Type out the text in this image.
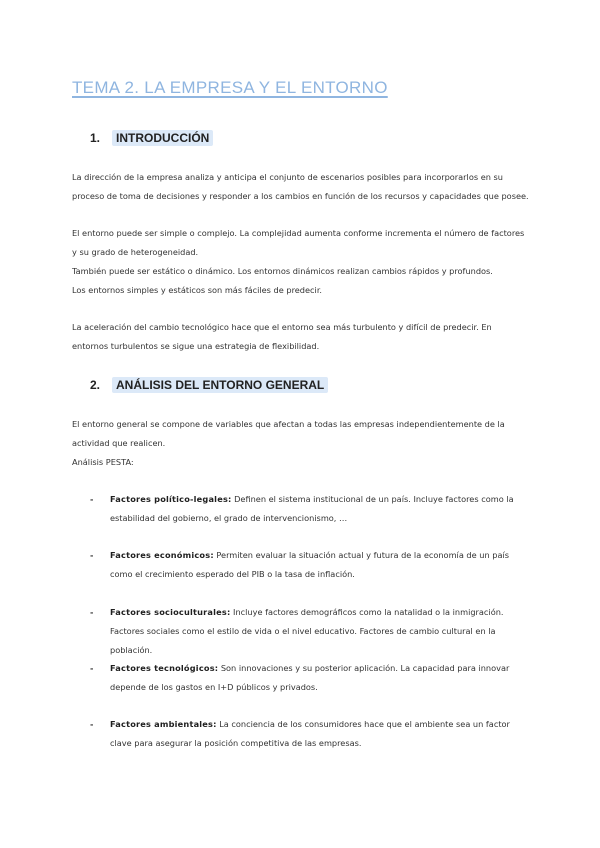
TEMA 2. LA EMPRESA Y EL ENTORNO
1.	INTRODUCCIÓN

La dirección de la empresa analiza y anticipa el conjunto de escenarios posibles para incorporarlos en su proceso de toma de decisiones y responder a los cambios en función de los recursos y capacidades que posee.

El entorno puede ser simple o complejo. La complejidad aumenta conforme incrementa el número de factores y su grado de heterogeneidad.

También puede ser estático o dinámico. Los entornos dinámicos realizan cambios rápidos y profundos.

Los entornos simples y estáticos son más fáciles de predecir.

La aceleración del cambio tecnológico hace que el entorno sea más turbulento y difícil de predecir. En entornos turbulentos se sigue una estrategia de flexibilidad.

2.	ANÁLISIS DEL ENTORNO GENERAL

El entorno general se compone de variables que afectan a todas las empresas independientemente de la actividad que realicen.

Análisis PESTA:

- Factores político-legales: Definen el sistema institucional de un país. Incluye factores como la estabilidad del gobierno, el grado de intervencionismo, …
- Factores económicos: Permiten evaluar la situación actual y futura de la economía de un país como el crecimiento esperado del PIB o la tasa de inflación.
- Factores socioculturales: Incluye factores demográficos como la natalidad o la inmigración. Factores sociales como el estilo de vida o el nivel educativo. Factores de cambio cultural en la población.
- Factores tecnológicos: Son innovaciones y su posterior aplicación. La capacidad para innovar depende de los gastos en I+D públicos y privados.
- Factores ambientales: La conciencia de los consumidores hace que el ambiente sea un factor clave para asegurar la posición competitiva de las empresas.
